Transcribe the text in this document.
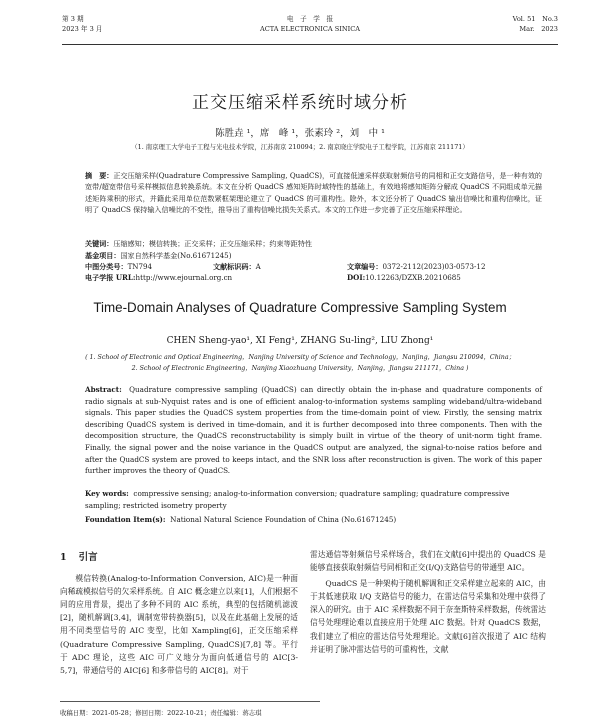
第 3 期
2023 年 3 月
电　子　学　报
ACTA ELECTRONICA SINICA
Vol. 51　No.3
Mar.　2023
正交压缩采样系统时域分析
陈胜垚 ¹，席　峰 ¹，张素玲 ²，刘　中 ¹
（1. 南京理工大学电子工程与光电技术学院，江苏南京 210094；2. 南京晓庄学院电子工程学院，江苏南京 211171）
摘　要：正交压缩采样(Quadrature Compressive Sampling, QuadCS)，可直接低速采样获取射频信号的同相和正交支路信号，是一种有效的宽带/超宽带信号采样模拟信息转换系统。本文在分析 QuadCS 感知矩阵时域特性的基础上，有效地将感知矩阵分解成 QuadCS 不同组成单元描述矩阵乘积的形式，并籍此采用单位范数紧框架理论建立了 QuadCS 的可重构性。除外，本文还分析了 QuadCS 输出信噪比和重构信噪比，证明了 QuadCS 保持输入信噪比的不变性，推导出了重构信噪比损失关系式。本文的工作进一步完善了正交压缩采样理论。
关键词：压缩感知；模信转换；正交采样；正交压缩采样；约束等距特性
基金项目：国家自然科学基金(No.61671245)
中图分类号：TN794	文献标识码：A	文章编号：0372-2112(2023)03-0573-12
电子学报 URL:http://www.ejournal.org.cn	DOI:10.12263/DZXB.20210685
Time-Domain Analyses of Quadrature Compressive Sampling System
CHEN Sheng-yao¹, XI Feng¹, ZHANG Su-ling², LIU Zhong¹
( 1. School of Electronic and Optical Engineering，Nanjing University of Science and Technology，Nanjing，Jiangsu 210094，China；
2. School of Electronic Engineering，Nanjing Xiaozhuang University，Nanjing，Jiangsu 211171，China )
Abstract: Quadrature compressive sampling (QuadCS) can directly obtain the in-phase and quadrature components of radio signals at sub-Nyquist rates and is one of efficient analog-to-information systems sampling wideband/ultra-wideband signals. This paper studies the QuadCS system properties from the time-domain point of view. Firstly, the sensing matrix describing QuadCS system is derived in time-domain, and it is further decomposed into three components. Then with the decomposition structure, the QuadCS reconstructability is simply built in virtue of the theory of unit-norm tight frame. Finally, the signal power and the noise variance in the QuadCS output are analyzed, the signal-to-noise ratios before and after the QuadCS system are proved to keeps intact, and the SNR loss after reconstruction is given. The work of this paper further improves the theory of QuadCS.
Key words: compressive sensing; analog-to-information conversion; quadrature sampling; quadrature compressive sampling; restricted isometry property
Foundation Item(s): National Natural Science Foundation of China (No.61671245)
1 引言

模信转换(Analog-to-Information Conversion, AIC)是一种面向稀疏模拟信号的欠采样系统。自 AIC 概念建立以来[1]，人们根据不同的应用背景，提出了多种不同的 AIC 系统，典型的包括随机滤波[2]，随机解调[3,4]，调制宽带转换器[5]，以及在此基础上发展的适用不同类型信号的 AIC 变型，比如 Xampling[6]，正交压缩采样(Quadrature Compressive Sampling, QuadCS)[7,8] 等。平行于 ADC 理论，这些 AIC 可广义地分为面向低通信号的 AIC[3-5,7]，带通信号的 AIC[6] 和多带信号的 AIC[8]。对于

雷达通信等射频信号采样场合，我们在文献[6]中提出的 QuadCS 是能够直接获取射频信号同相和正交(I/Q)支路信号的带通型 AIC。

QuadCS 是一种架构于随机解调和正交采样建立起来的 AIC，由于其低速获取 I/Q 支路信号的能力，在雷达信号采集和处理中获得了深入的研究。由于 AIC 采样数据不同于奈奎斯特采样数据，传统雷达信号处理理论难以直接应用于处理 AIC 数据。针对 QuadCS 数据，我们建立了相应的雷达信号处理理论。文献[6]首次报道了 AIC 结构并证明了脉冲雷达信号的可重构性，文献

收稿日期：2021-05-28；修回日期：2022-10-21；责任编辑：蒋志琪
